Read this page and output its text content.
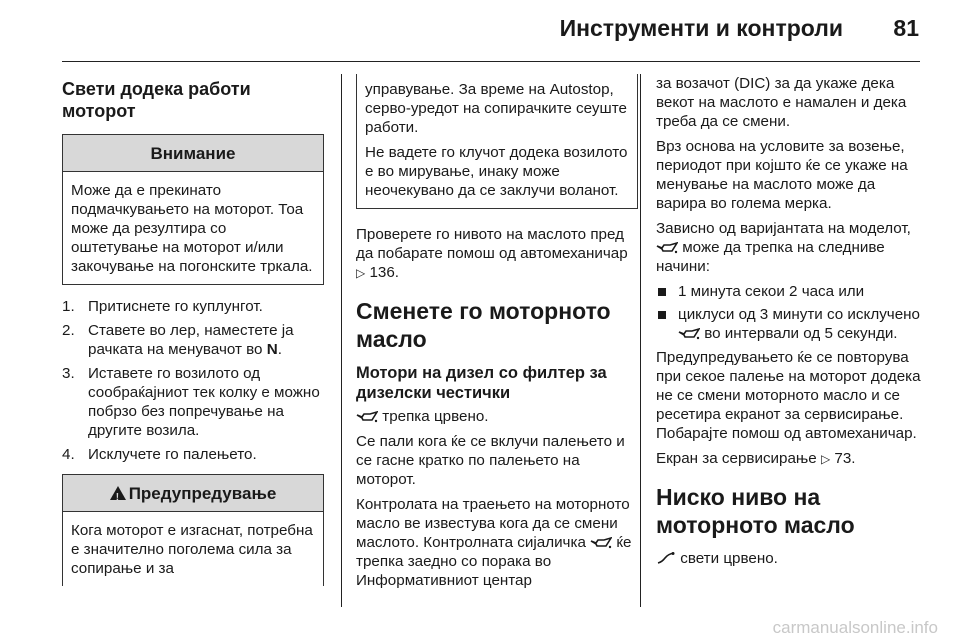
Инструменти и контроли 81
Свети додека работи моторот
Внимание
Може да е прекинато подмачкувањето на моторот. Тоа може да резултира со оштетување на моторот и/или закочување на погонските тркала.
1. Притиснете го куплунгот.
2. Ставете во лер, наместете ја рачката на менувачот во N.
3. Иставете го возилото од сообраќајниот тек колку е можно побрзо без попречување на другите возила.
4. Исклучете го палењето.
!Предупредување
Кога моторот е изгаснат, потребна е значително поголема сила за сопирање и за

управување. За време на Autostop, серво-уредот на сопирачките сеуште работи.

Не вадете го клучот додека возилото е во мирување, инаку може неочекувано да се заклучи воланот.

Проверете го нивото на маслото пред да побарате помош од автомеханичар ▷ 136.

Сменете го моторното масло
Мотори на дизел со филтер за дизелски честички

трепка црвено.

Се пали кога ќе се вклучи палењето и се гасне кратко по палењето на моторот.

Контролата на траењето на моторното масло ве известува кога да се смени маслото. Контролната сијаличка ќе трепка заедно со порака во Информативниот центар

за возачот (DIC) за да укаже дека векот на маслото е намален и дека треба да се смени.

Врз основа на условите за возење, периодот при којшто ќе се укаже на менување на маслото може да варира во голема мерка.

Зависно од варијантата на моделот,  може да трепка на следниве начини:

1 минута секои 2 часа или
циклуси од 3 минути со исклучено  во интервали од 5 секунди.

Предупредувањето ќе се повторува при секое палење на моторот додека не се смени моторното масло и се ресетира екранот за сервисирање. Побарајте помош од автомеханичар.

Екран за сервисирање ▷ 73.

Ниско ниво на моторното масло

свети црвено.

carmanualsonline.info
